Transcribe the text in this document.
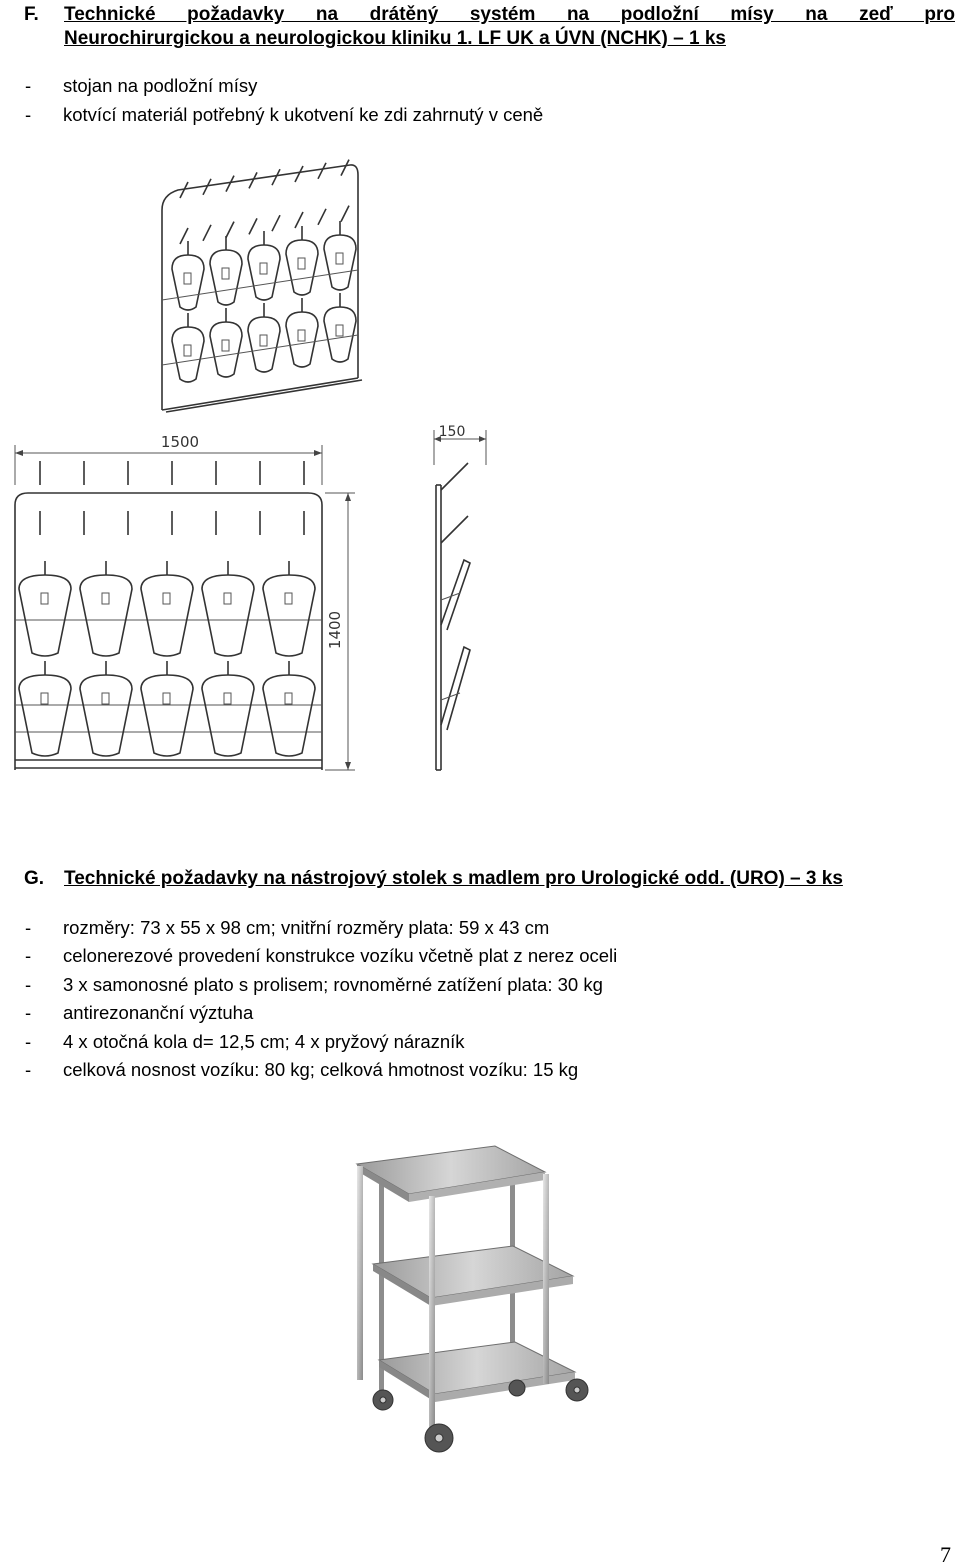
F. Technické požadavky na drátěný systém na podložní mísy na zeď pro
Neurochirurgickou a neurologickou kliniku 1. LF UK a ÚVN (NCHK) – 1 ks
- stojan na podložní mísy
- kotvící materiál potřebný k ukotvení ke zdi zahrnutý v ceně
1500
1400
150
G. Technické požadavky na nástrojový stolek s madlem pro Urologické odd. (URO) – 3 ks
- rozměry: 73 x 55 x 98 cm; vnitřní rozměry plata: 59 x 43 cm
- celonerezové provedení konstrukce vozíku včetně plat z nerez oceli
- 3 x samonosné plato s prolisem; rovnoměrné zatížení plata: 30 kg
- antirezonanční výztuha
- 4 x otočná kola d= 12,5 cm; 4 x pryžový nárazník
- celková nosnost vozíku: 80 kg; celková hmotnost vozíku: 15 kg
7
